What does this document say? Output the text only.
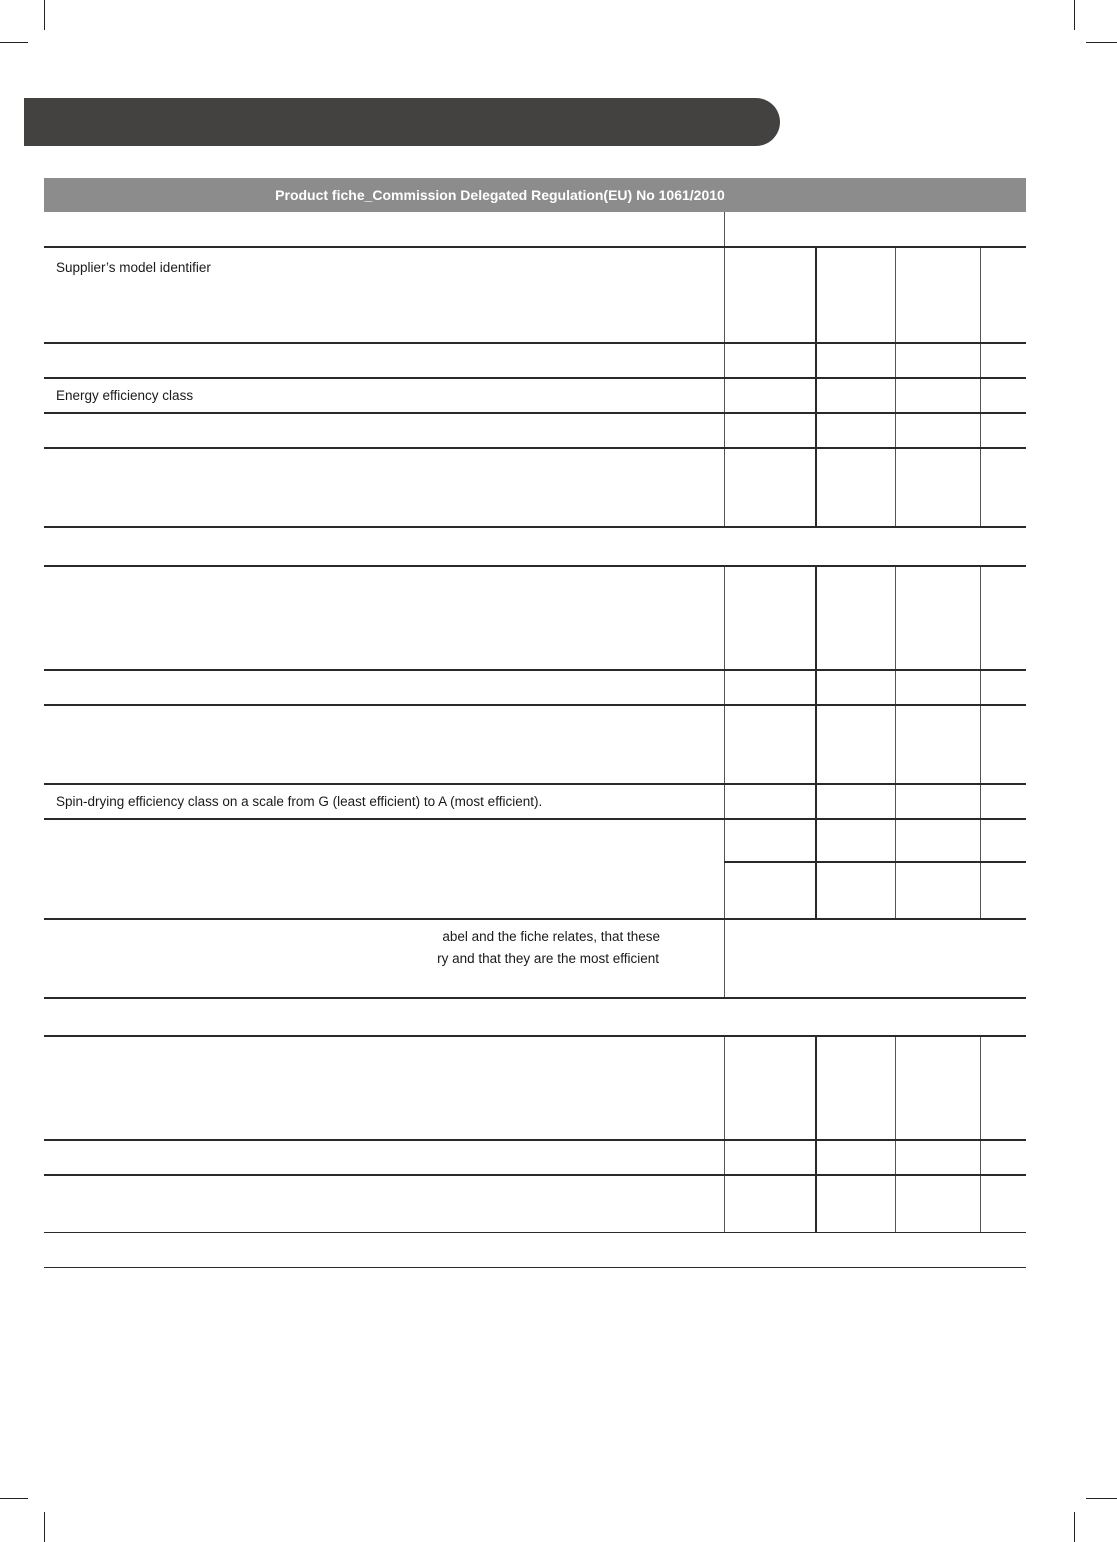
Product fiche_Commission Delegated Regulation(EU) No 1061/2010
Supplier’s model identifier
Energy efficiency class
Spin-drying efficiency class on a scale from G (least efficient) to A (most efficient).
abel and the fiche relates, that these
ry and that they are the most efficient
